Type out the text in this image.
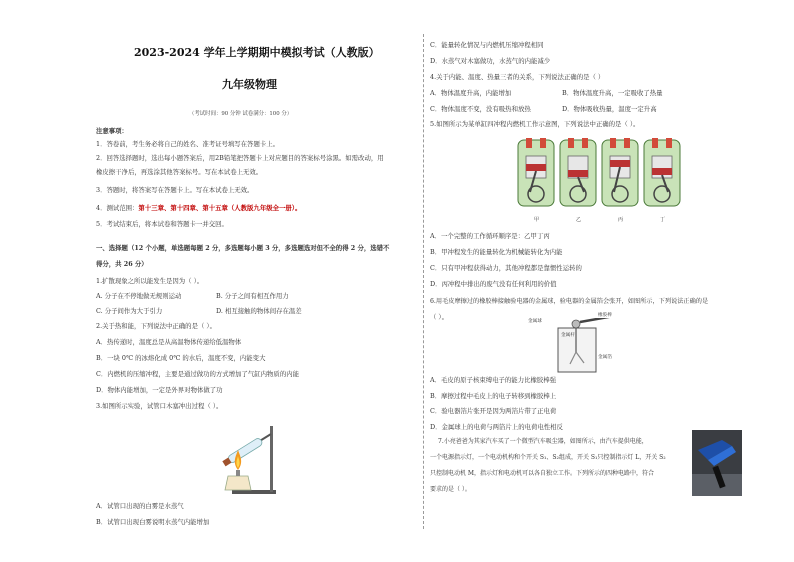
2023-2024 学年上学期期中模拟考试（人教版）
九年级物理
（考试时间：90 分钟 试卷满分：100 分）
注意事项：
1．答卷前，考生务必将自己的姓名、准考证号填写在答题卡上。
2．回答选择题时，选出每小题答案后，用2B铅笔把答题卡上对应题目的答案标号涂黑。如需改动，用
橡皮擦干净后，再选涂其他答案标号。写在本试卷上无效。
3．答题时，将答案写在答题卡上。写在本试卷上无效。
4．测试范围：第十三章、第十四章、第十五章（人教版九年级全一册）。
5．考试结束后，将本试卷和答题卡一并交回。
一、选择题（12 个小题，单选题每题 2 分，多选题每小题 3 分，多选题选对但不全的得 2 分，选错不
得分，共 26 分）
1.扩散现象之所以能发生是因为（ ）。
A. 分子在不停地做无规则运动	B. 分子之间有相互作用力
C. 分子间作为大于引力	D. 相互接触的物体间存在温差
2.关于热和能，下列说法中正确的是（ ）。
A．热传递时，温度总是从高温物体传递给低温物体
B．一块 0℃ 的冰熔化成 0℃ 的水后，温度不变，内能变大
C．内燃机的压缩冲程，主要是通过做功的方式增加了气缸内物质的内能
D．物体内能增加，一定是外界对物体做了功
3.如图所示实验，试管口木塞冲出过程（ ）。
A．试管口出现的白雾是水蒸气
B．试管口出现白雾说明水蒸气内能增加
C．能量转化情况与内燃机压缩冲程相同
D．水蒸气对木塞做功，水蒸气的内能减少
4.关于内能、温度、热量三者的关系，下列说法正确的是（ ）
A．物体温度升高，内能增加	B．物体温度升高，一定吸收了热量
C．物体温度不变，没有吸热和放热	D．物体吸收热量，温度一定升高
5.如图所示为某单缸四冲程内燃机工作示意图，下列说法中正确的是（ ）。
甲	乙	丙	丁
A．一个完整的工作循环顺序是：乙甲丁丙
B．甲冲程发生的能量转化为机械能转化为内能
C．只有甲冲程获得动力，其他冲程都是靠惯性运转的
D．丙冲程中排出的废气没有任何利用的价值
6.用毛皮摩擦过的橡胶棒接触验电器的金属球，验电器的金属箔会张开，如图所示，下列说法正确的是
（ ）。
金属球
橡胶棒
金属杆
金属箔
A．毛皮的原子核束缚电子的能力比橡胶棒强
B．摩擦过程中毛皮上的电子转移到橡胶棒上
C．验电器箔片张开是因为两箔片带了正电荷
D．金属球上的电荷与两箔片上的电荷电性相反
7.小亮爸爸为其家汽车买了一个微型汽车吸尘器，如图所示，由汽车提供电能，
一个电源指示灯，一个电动机构和个开关 S₁、S₂组成，开关 S₁只控制指示灯 L，开关 S₂
只控制电动机 M，指示灯和电动机可以各自独立工作。下列所示的四种电路中，符合
要求的是（ ）。
